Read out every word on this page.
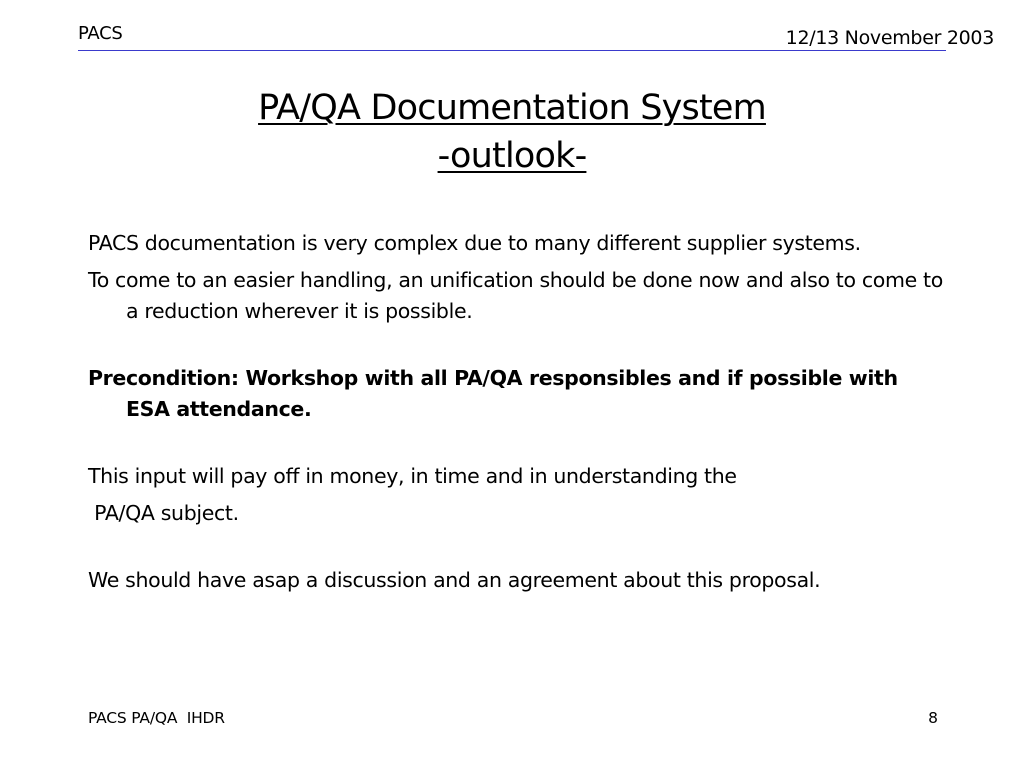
PACS	12/13 November 2003
PA/QA Documentation System
-outlook-

PACS documentation is very complex due to many different supplier systems.

To come to an easier handling, an unification should be done now and also to come to a reduction wherever it is possible.

Precondition: Workshop with all PA/QA responsibles and if possible with ESA attendance.

This input will pay off in money, in time and in understanding the

PA/QA subject.

We should have asap a discussion and an agreement about this proposal.

PACS PA/QA  IHDR	8
